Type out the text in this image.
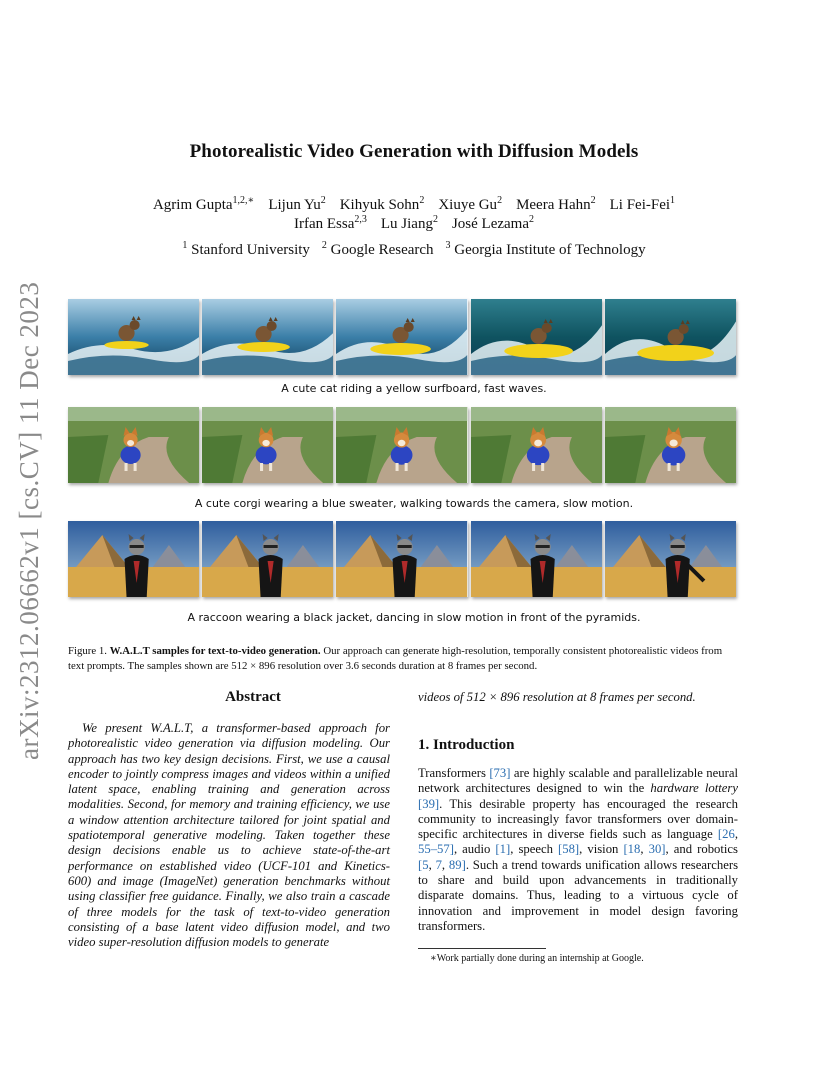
arXiv:2312.06662v1 [cs.CV] 11 Dec 2023
Photorealistic Video Generation with Diffusion Models
Agrim Gupta$^{1,2,∗}$ Lijun Yu$^2$ Kihyuk Sohn$^2$ Xiuye Gu$^2$ Meera Hahn$^2$ Li Fei-Fei$^1$
Irfan Essa$^{2,3}$ Lu Jiang$^2$ José Lezama$^2$
$^1$ Stanford University $^2$ Google Research $^3$ Georgia Institute of Technology
A cute cat riding a yellow surfboard, fast waves.
A cute corgi wearing a blue sweater, walking towards the camera, slow motion.
A raccoon wearing a black jacket, dancing in slow motion in front of the pyramids.
Figure 1. W.A.L.T samples for text-to-video generation. Our approach can generate high-resolution, temporally consistent photorealistic videos from text prompts. The samples shown are 512 × 896 resolution over 3.6 seconds duration at 8 frames per second.
Abstract
We present W.A.L.T, a transformer-based approach for photorealistic video generation via diffusion modeling. Our approach has two key design decisions. First, we use a causal encoder to jointly compress images and videos within a unified latent space, enabling training and generation across modalities. Second, for memory and training efficiency, we use a window attention architecture tailored for joint spatial and spatiotemporal generative modeling. Taken together these design decisions enable us to achieve state-of-the-art performance on established video (UCF-101 and Kinetics-600) and image (ImageNet) generation benchmarks without using classifier free guidance. Finally, we also train a cascade of three models for the task of text-to-video generation consisting of a base latent video diffusion model, and two video super-resolution diffusion models to generate
videos of 512 × 896 resolution at 8 frames per second.
1. Introduction
Transformers [73] are highly scalable and parallelizable neural network architectures designed to win the hardware lottery [39]. This desirable property has encouraged the research community to increasingly favor transformers over domain-specific architectures in diverse fields such as language [26, 55–57], audio [1], speech [58], vision [18, 30], and robotics [5, 7, 89]. Such a trend towards unification allows researchers to share and build upon advancements in traditionally disparate domains. Thus, leading to a virtuous cycle of innovation and improvement in model design favoring transformers.
∗Work partially done during an internship at Google.
